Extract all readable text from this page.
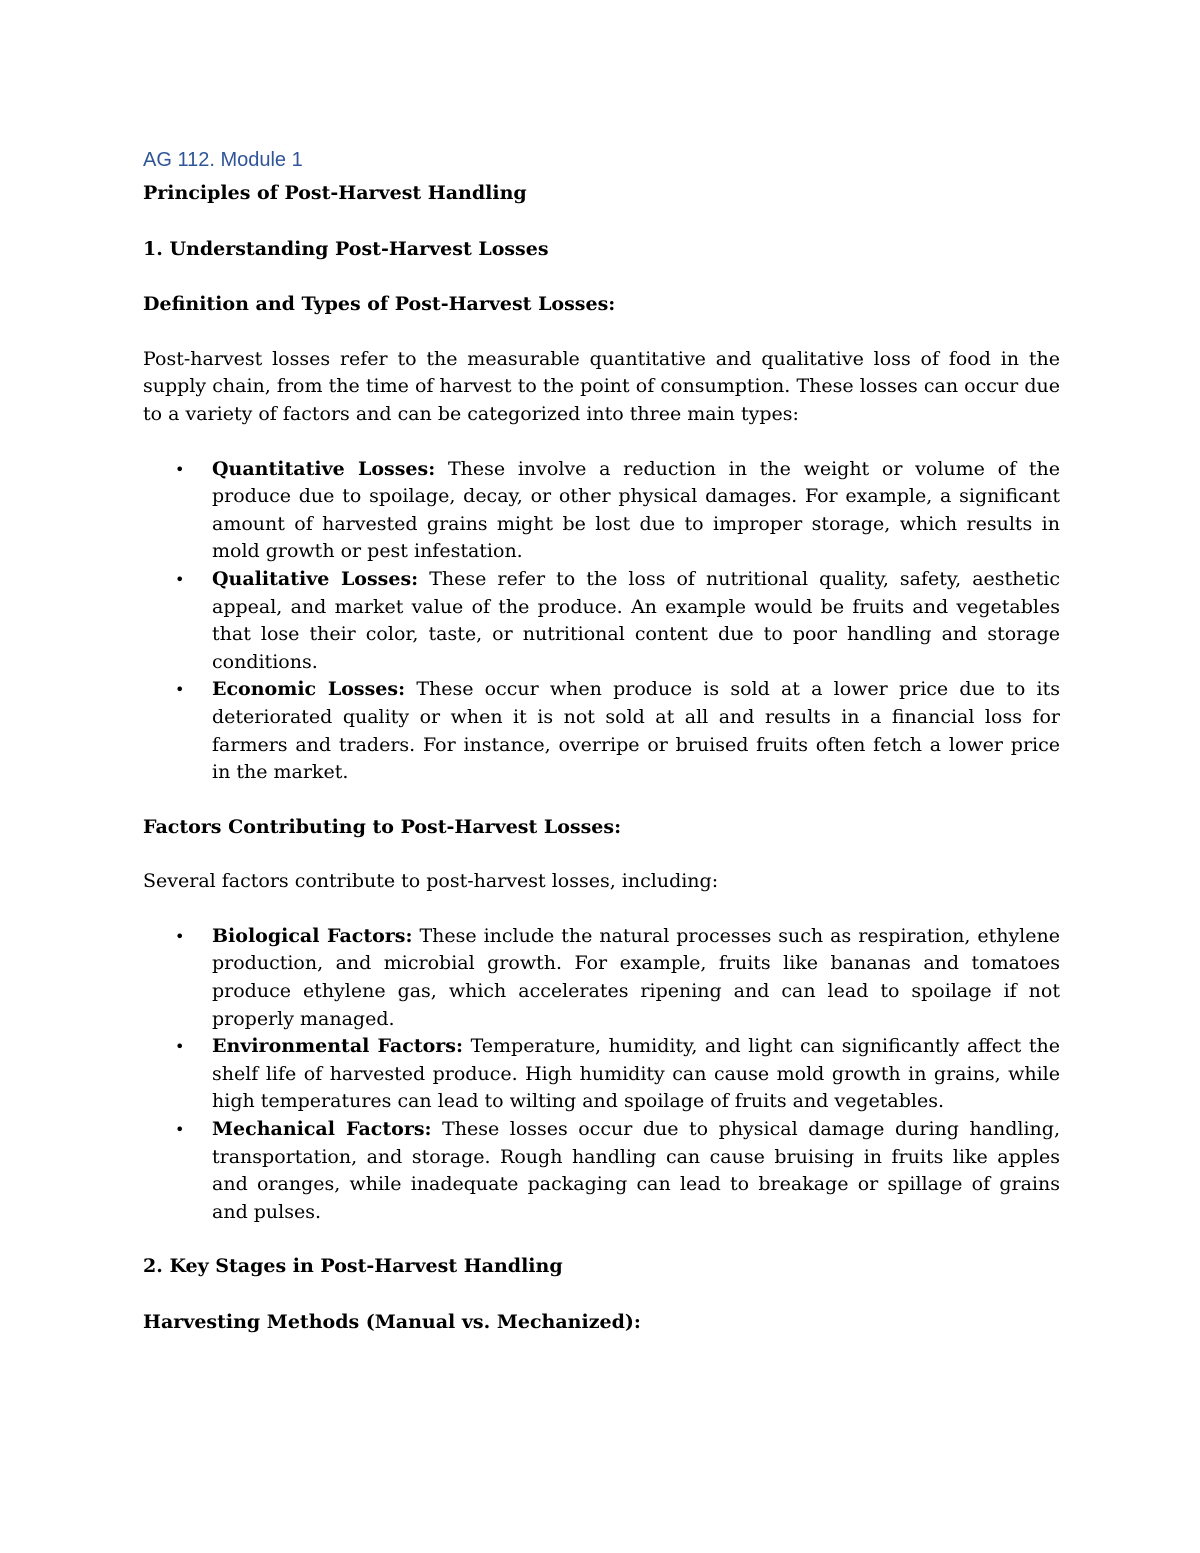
AG 112. Module 1

Principles of Post-Harvest Handling

1. Understanding Post-Harvest Losses

Definition and Types of Post-Harvest Losses:

Post-harvest losses refer to the measurable quantitative and qualitative loss of food in the supply chain, from the time of harvest to the point of consumption. These losses can occur due to a variety of factors and can be categorized into three main types:

• Quantitative Losses: These involve a reduction in the weight or volume of the produce due to spoilage, decay, or other physical damages. For example, a significant amount of harvested grains might be lost due to improper storage, which results in mold growth or pest infestation.
• Qualitative Losses: These refer to the loss of nutritional quality, safety, aesthetic appeal, and market value of the produce. An example would be fruits and vegetables that lose their color, taste, or nutritional content due to poor handling and storage conditions.
• Economic Losses: These occur when produce is sold at a lower price due to its deteriorated quality or when it is not sold at all and results in a financial loss for farmers and traders. For instance, overripe or bruised fruits often fetch a lower price in the market.

Factors Contributing to Post-Harvest Losses:

Several factors contribute to post-harvest losses, including:

• Biological Factors: These include the natural processes such as respiration, ethylene production, and microbial growth. For example, fruits like bananas and tomatoes produce ethylene gas, which accelerates ripening and can lead to spoilage if not properly managed.
• Environmental Factors: Temperature, humidity, and light can significantly affect the shelf life of harvested produce. High humidity can cause mold growth in grains, while high temperatures can lead to wilting and spoilage of fruits and vegetables.
• Mechanical Factors: These losses occur due to physical damage during handling, transportation, and storage. Rough handling can cause bruising in fruits like apples and oranges, while inadequate packaging can lead to breakage or spillage of grains and pulses.

2. Key Stages in Post-Harvest Handling

Harvesting Methods (Manual vs. Mechanized):
